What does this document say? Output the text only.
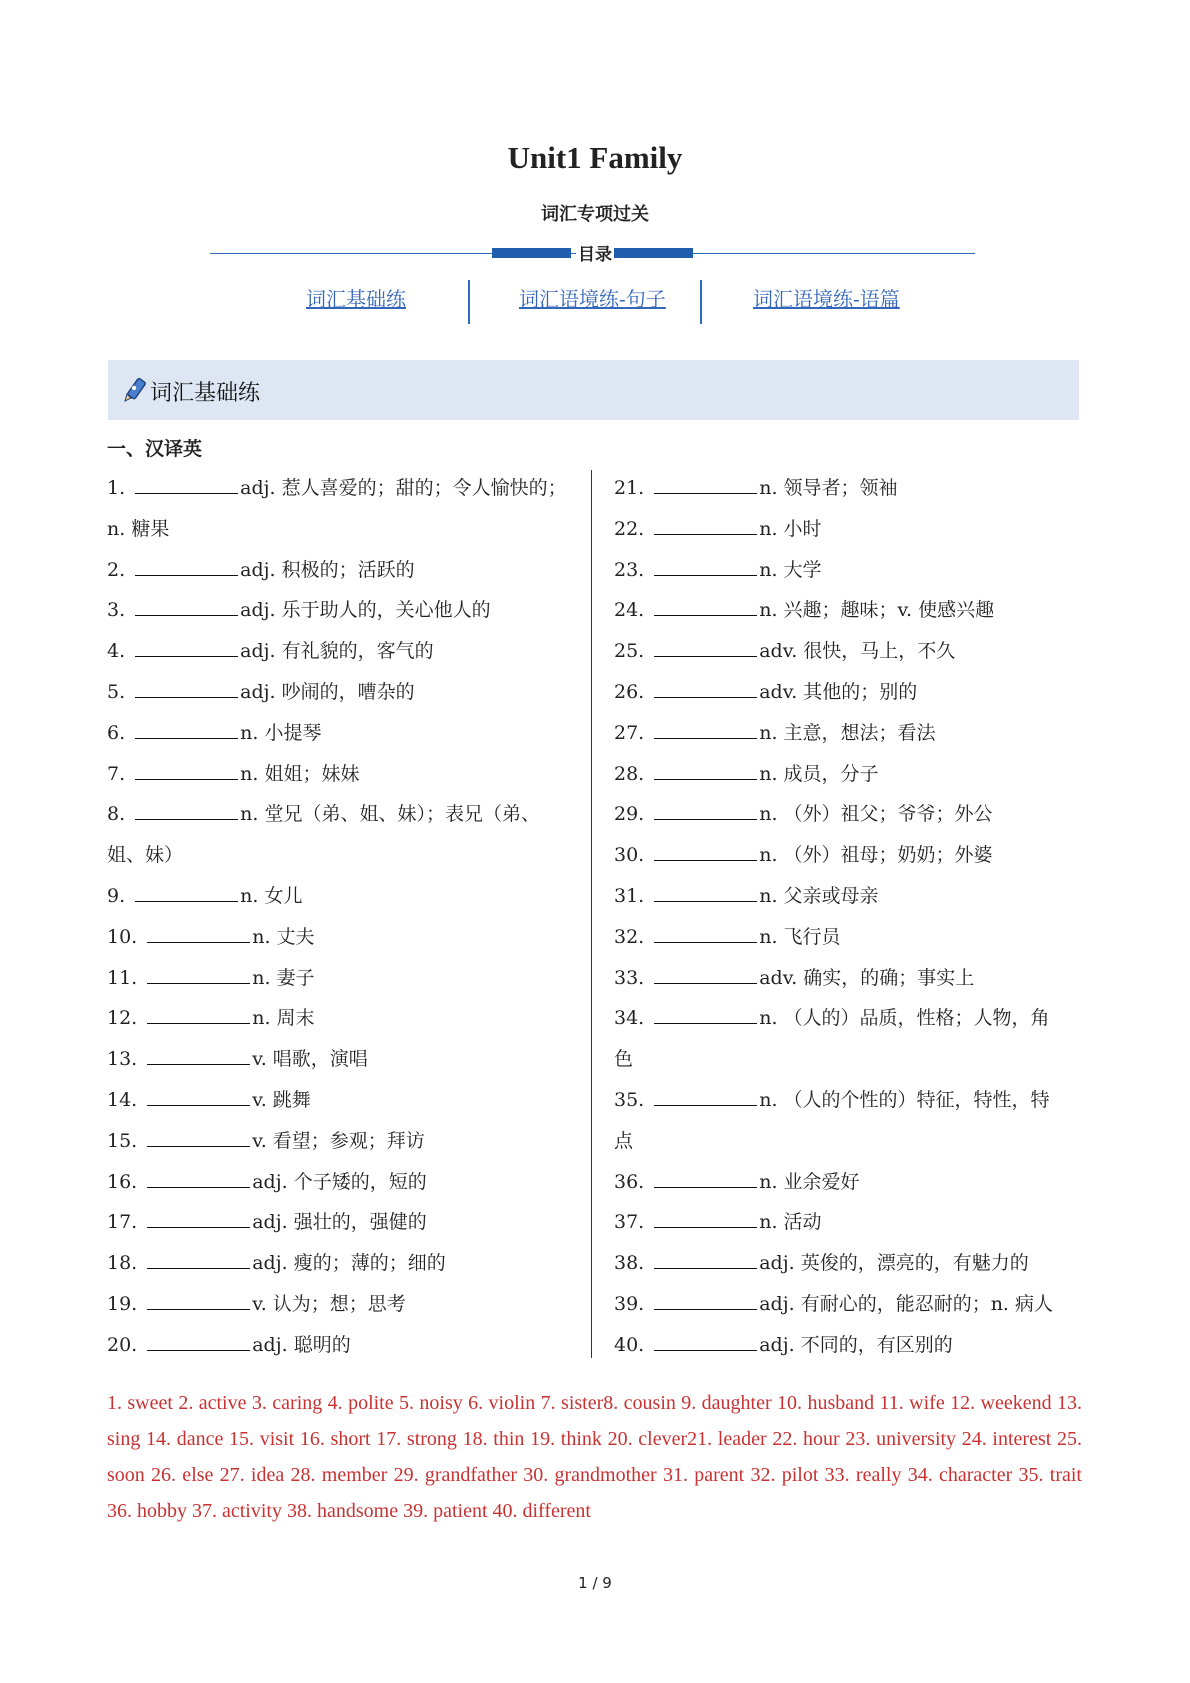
Unit1 Family
词汇专项过关
目录
词汇基础练	词汇语境练-句子	词汇语境练-语篇
词汇基础练
一、汉译英
1.	adj. 惹人喜爱的；甜的；令人愉快的；
n. 糖果
2.	adj. 积极的；活跃的
3.	adj. 乐于助人的，关心他人的
4.	adj. 有礼貌的，客气的
5.	adj. 吵闹的，嘈杂的
6.	n. 小提琴
7.	n. 姐姐；妹妹
8.	n. 堂兄（弟、姐、妹）；表兄（弟、
姐、妹）
9.	n. 女儿
10.	n. 丈夫
11.	n. 妻子
12.	n. 周末
13.	v. 唱歌，演唱
14.	v. 跳舞
15.	v. 看望；参观；拜访
16.	adj. 个子矮的，短的
17.	adj. 强壮的，强健的
18.	adj. 瘦的；薄的；细的
19.	v. 认为；想；思考
20.	adj. 聪明的
21.	n. 领导者；领袖
22.	n. 小时
23.	n. 大学
24.	n. 兴趣；趣味；v. 使感兴趣
25.	adv. 很快，马上，不久
26.	adv. 其他的；别的
27.	n. 主意，想法；看法
28.	n. 成员，分子
29.	n. （外）祖父；爷爷；外公
30.	n. （外）祖母；奶奶；外婆
31.	n. 父亲或母亲
32.	n. 飞行员
33.	adv. 确实，的确；事实上
34.	n. （人的）品质，性格；人物，角
色
35.	n. （人的个性的）特征，特性，特
点
36.	n. 业余爱好
37.	n. 活动
38.	adj. 英俊的，漂亮的，有魅力的
39.	adj. 有耐心的，能忍耐的；n. 病人
40.	adj. 不同的，有区别的
1. sweet 2. active 3. caring 4. polite 5. noisy 6. violin 7. sister8. cousin 9. daughter 10. husband 11. wife 12. weekend 13. sing 14. dance 15. visit 16. short 17. strong 18. thin 19. think 20. clever21. leader 22. hour 23. university 24. interest 25. soon 26. else 27. idea 28. member 29. grandfather 30. grandmother 31. parent 32. pilot 33. really 34. character 35. trait 36. hobby 37. activity 38. handsome 39. patient 40. different
1 / 9
